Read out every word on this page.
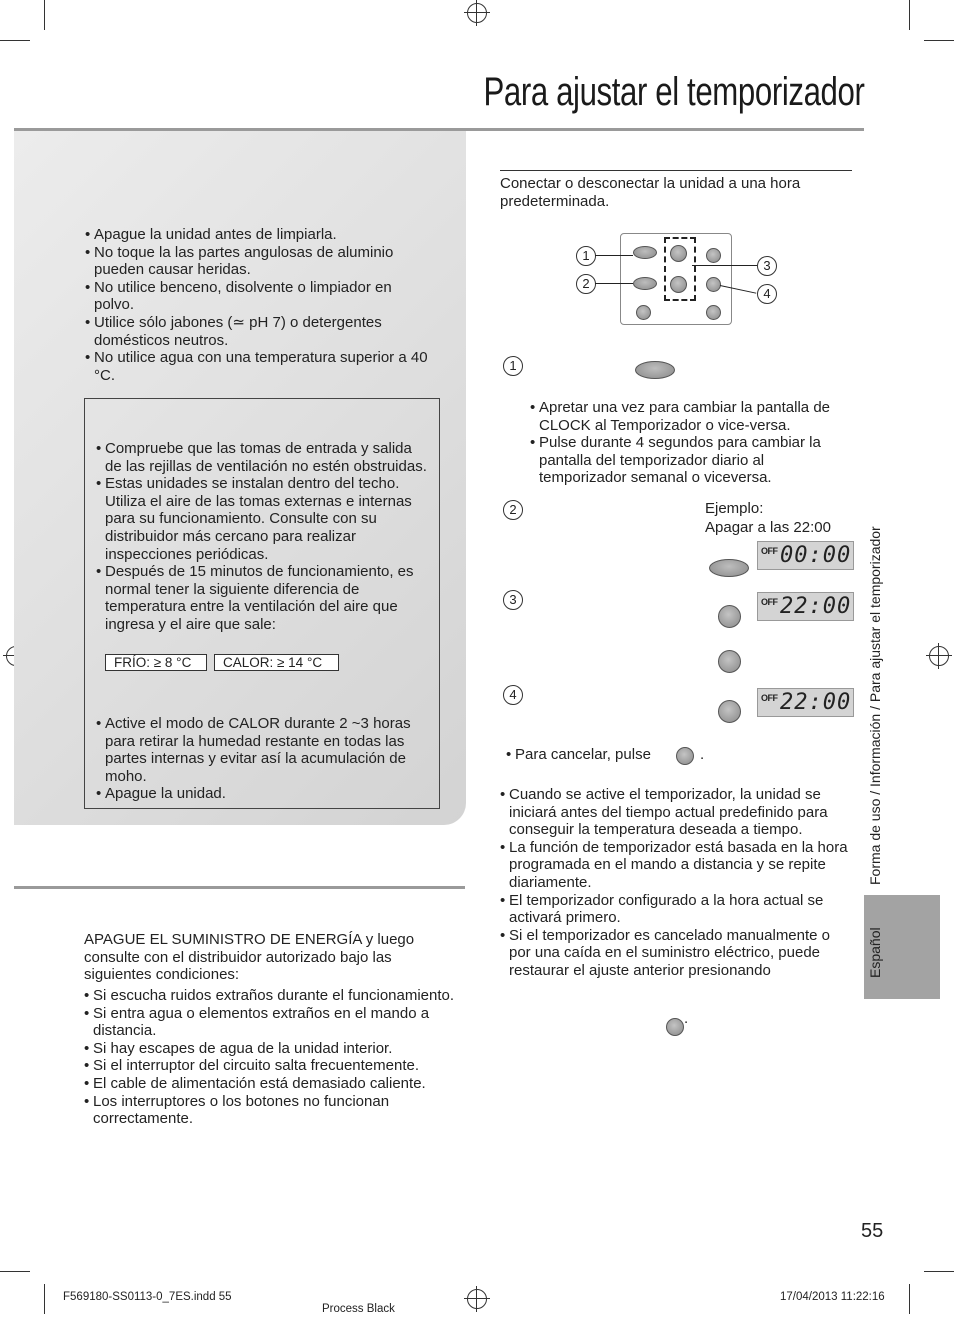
Para ajustar el temporizador
• Apague la unidad antes de limpiarla.
• No toque la las partes angulosas de aluminio pueden causar heridas.
• No utilice benceno, disolvente o limpiador en polvo.
• Utilice sólo jabones (≃ pH 7) o detergentes domésticos neutros.
• No utilice agua con una temperatura superior a 40 °C.
• Compruebe que las tomas de entrada y salida de las rejillas de ventilación no estén obstruidas.
• Estas unidades se instalan dentro del techo. Utiliza el aire de las tomas externas e internas para su funcionamiento. Consulte con su distribuidor más cercano para realizar inspecciones periódicas.
• Después de 15 minutos de funcionamiento, es normal tener la siguiente diferencia de temperatura entre la ventilación del aire que ingresa y el aire que sale:
FRÍO: ≥ 8 °C	CALOR: ≥ 14 °C
• Active el modo de CALOR durante 2 ~3 horas para retirar la humedad restante en todas las partes internas y evitar así la acumulación de moho.
• Apague la unidad.
APAGUE EL SUMINISTRO DE ENERGÍA y luego consulte con el distribuidor autorizado bajo las siguientes condiciones:
• Si escucha ruidos extraños durante el funcionamiento.
• Si entra agua o elementos extraños en el mando a distancia.
• Si hay escapes de agua de la unidad interior.
• Si el interruptor del circuito salta frecuentemente.
• El cable de alimentación está demasiado caliente.
• Los interruptores o los botones no funcionan correctamente.
Conectar o desconectar la unidad a una hora predeterminada.
1
2
3
4
1
• Apretar una vez para cambiar la pantalla de CLOCK al Temporizador o vice-versa.
• Pulse durante 4 segundos para cambiar la pantalla del temporizador diario al temporizador semanal o viceversa.
2	Ejemplo:
Apagar a las 22:00
OFF 00:00
3	OFF 22:00
4	OFF 22:00
• Para cancelar, pulse	.
• Cuando se active el temporizador, la unidad se iniciará antes del tiempo actual predefinido para conseguir la temperatura deseada a tiempo.
• La función de temporizador está basada en la hora programada en el mando a distancia y se repite diariamente.
• El temporizador configurado a la hora actual se activará primero.
• Si el temporizador es cancelado manualmente o por una caída en el suministro eléctrico, puede restaurar el ajuste anterior presionando
.
Forma de uso / Información / Para ajustar el temporizador
Español
55
F569180-SS0113-0_7ES.indd 55
Process Black
17/04/2013 11:22:16
